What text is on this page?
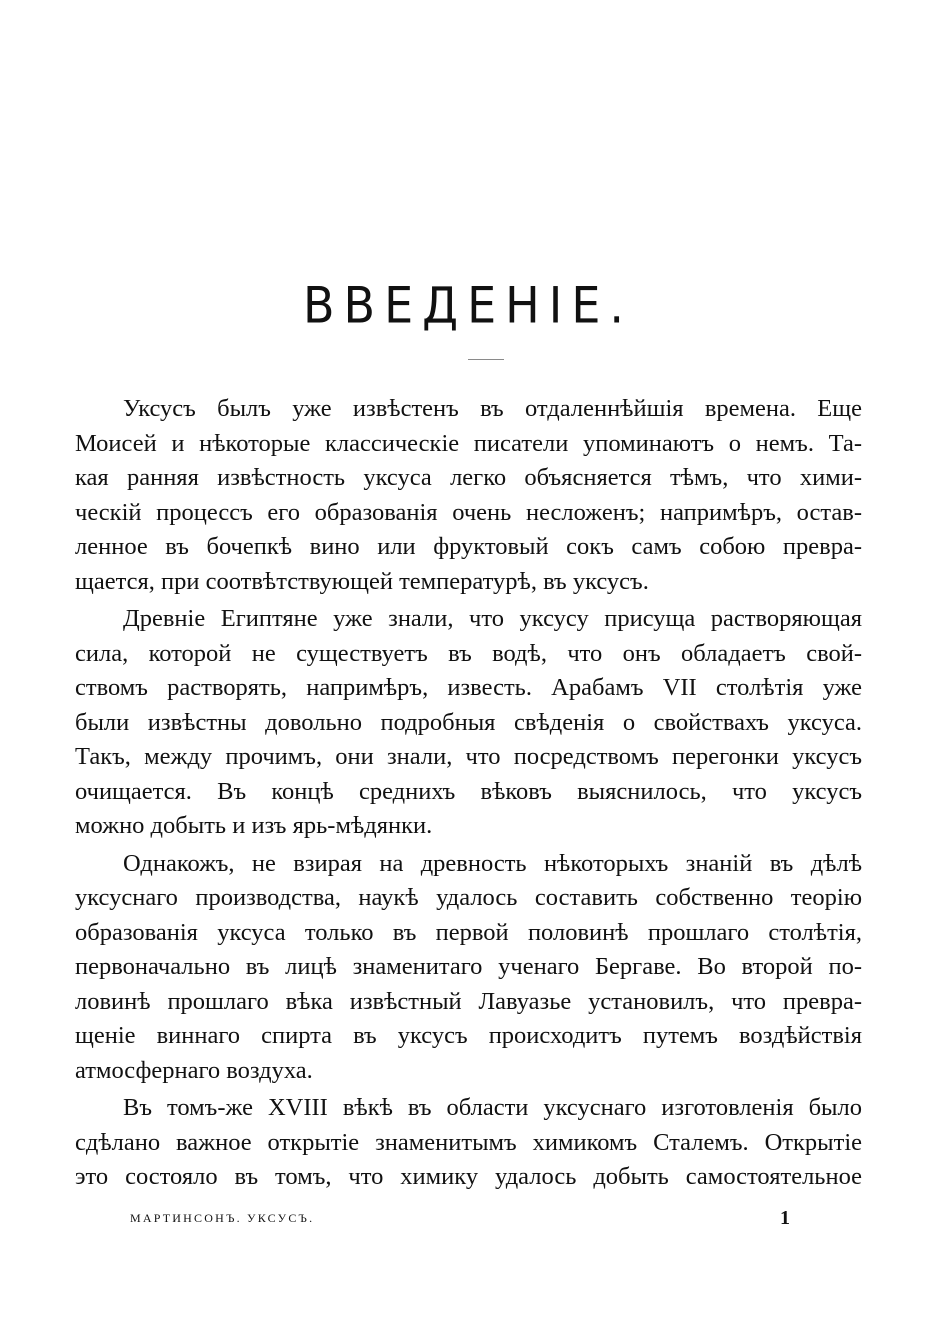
ВВЕДЕНІЕ.
Уксусъ былъ уже извѣстенъ въ отдаленнѣйшія времена. Еще
Моисей и нѣкоторые классическіе писатели упоминаютъ о немъ. Та-
кая ранняя извѣстность уксуса легко объясняется тѣмъ, что хими-
ческій процессъ его образованія очень несложенъ; напримѣръ, остав-
ленное въ бочепкѣ вино или фруктовый сокъ самъ собою превра-
щается, при соотвѣтствующей температурѣ, въ уксусъ.
Древніе Египтяне уже знали, что уксусу присуща растворяющая
сила, которой не существуетъ въ водѣ, что онъ обладаетъ свой-
ствомъ растворять, напримѣръ, известь. Арабамъ VII столѣтія уже
были извѣстны довольно подробныя свѣденія о свойствахъ уксуса.
Такъ, между прочимъ, они знали, что посредствомъ перегонки уксусъ
очищается. Въ концѣ среднихъ вѣковъ выяснилось, что уксусъ
можно добыть и изъ ярь-мѣдянки.
Однакожъ, не взирая на древность нѣкоторыхъ знаній въ дѣлѣ
уксуснаго производства, наукѣ удалось составить собственно теорію
образованія уксуса только въ первой половинѣ прошлаго столѣтія,
первоначально въ лицѣ знаменитаго ученаго Бергаве. Во второй по-
ловинѣ прошлаго вѣка извѣстный Лавуазье установилъ, что превра-
щеніе виннаго спирта въ уксусъ происходитъ путемъ воздѣйствія
атмосфернаго воздуха.
Въ томъ-же XVIII вѣкѣ въ области уксуснаго изготовленія было
сдѣлано важное открытіе знаменитымъ химикомъ Сталемъ. Открытіе
это состояло въ томъ, что химику удалось добыть самостоятельное
МАРТИНСОНЪ. УКСУСЪ.	1
